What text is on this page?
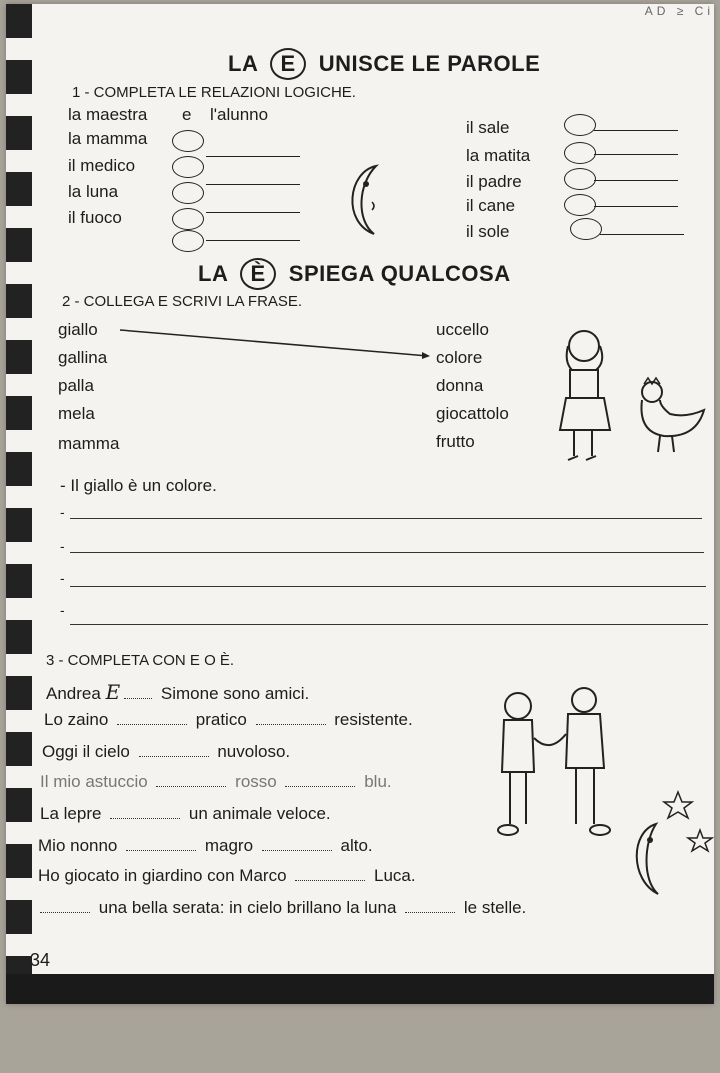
AD ≥ Ci
LA E UNISCE LE PAROLE
1 - COMPLETA LE RELAZIONI LOGICHE.
la maestra e l'alunno
la mamma
il medico
la luna
il fuoco
il sale
la matita
il padre
il cane
il sole
LA È SPIEGA QUALCOSA
2 - COLLEGA E SCRIVI LA FRASE.
giallo
gallina
palla
mela
mamma
uccello
colore
donna
giocattolo
frutto
- Il giallo è un colore.
-
-
-
-
3 - COMPLETA CON E O È.
Andrea E Simone sono amici.
Lo zaino	pratico	resistente.
Oggi il cielo	nuvoloso.
Il mio astuccio	rosso	blu.
La lepre	un animale veloce.
Mio nonno	magro	alto.
Ho giocato in giardino con Marco	Luca.
una bella serata: in cielo brillano la luna	le stelle.
34
